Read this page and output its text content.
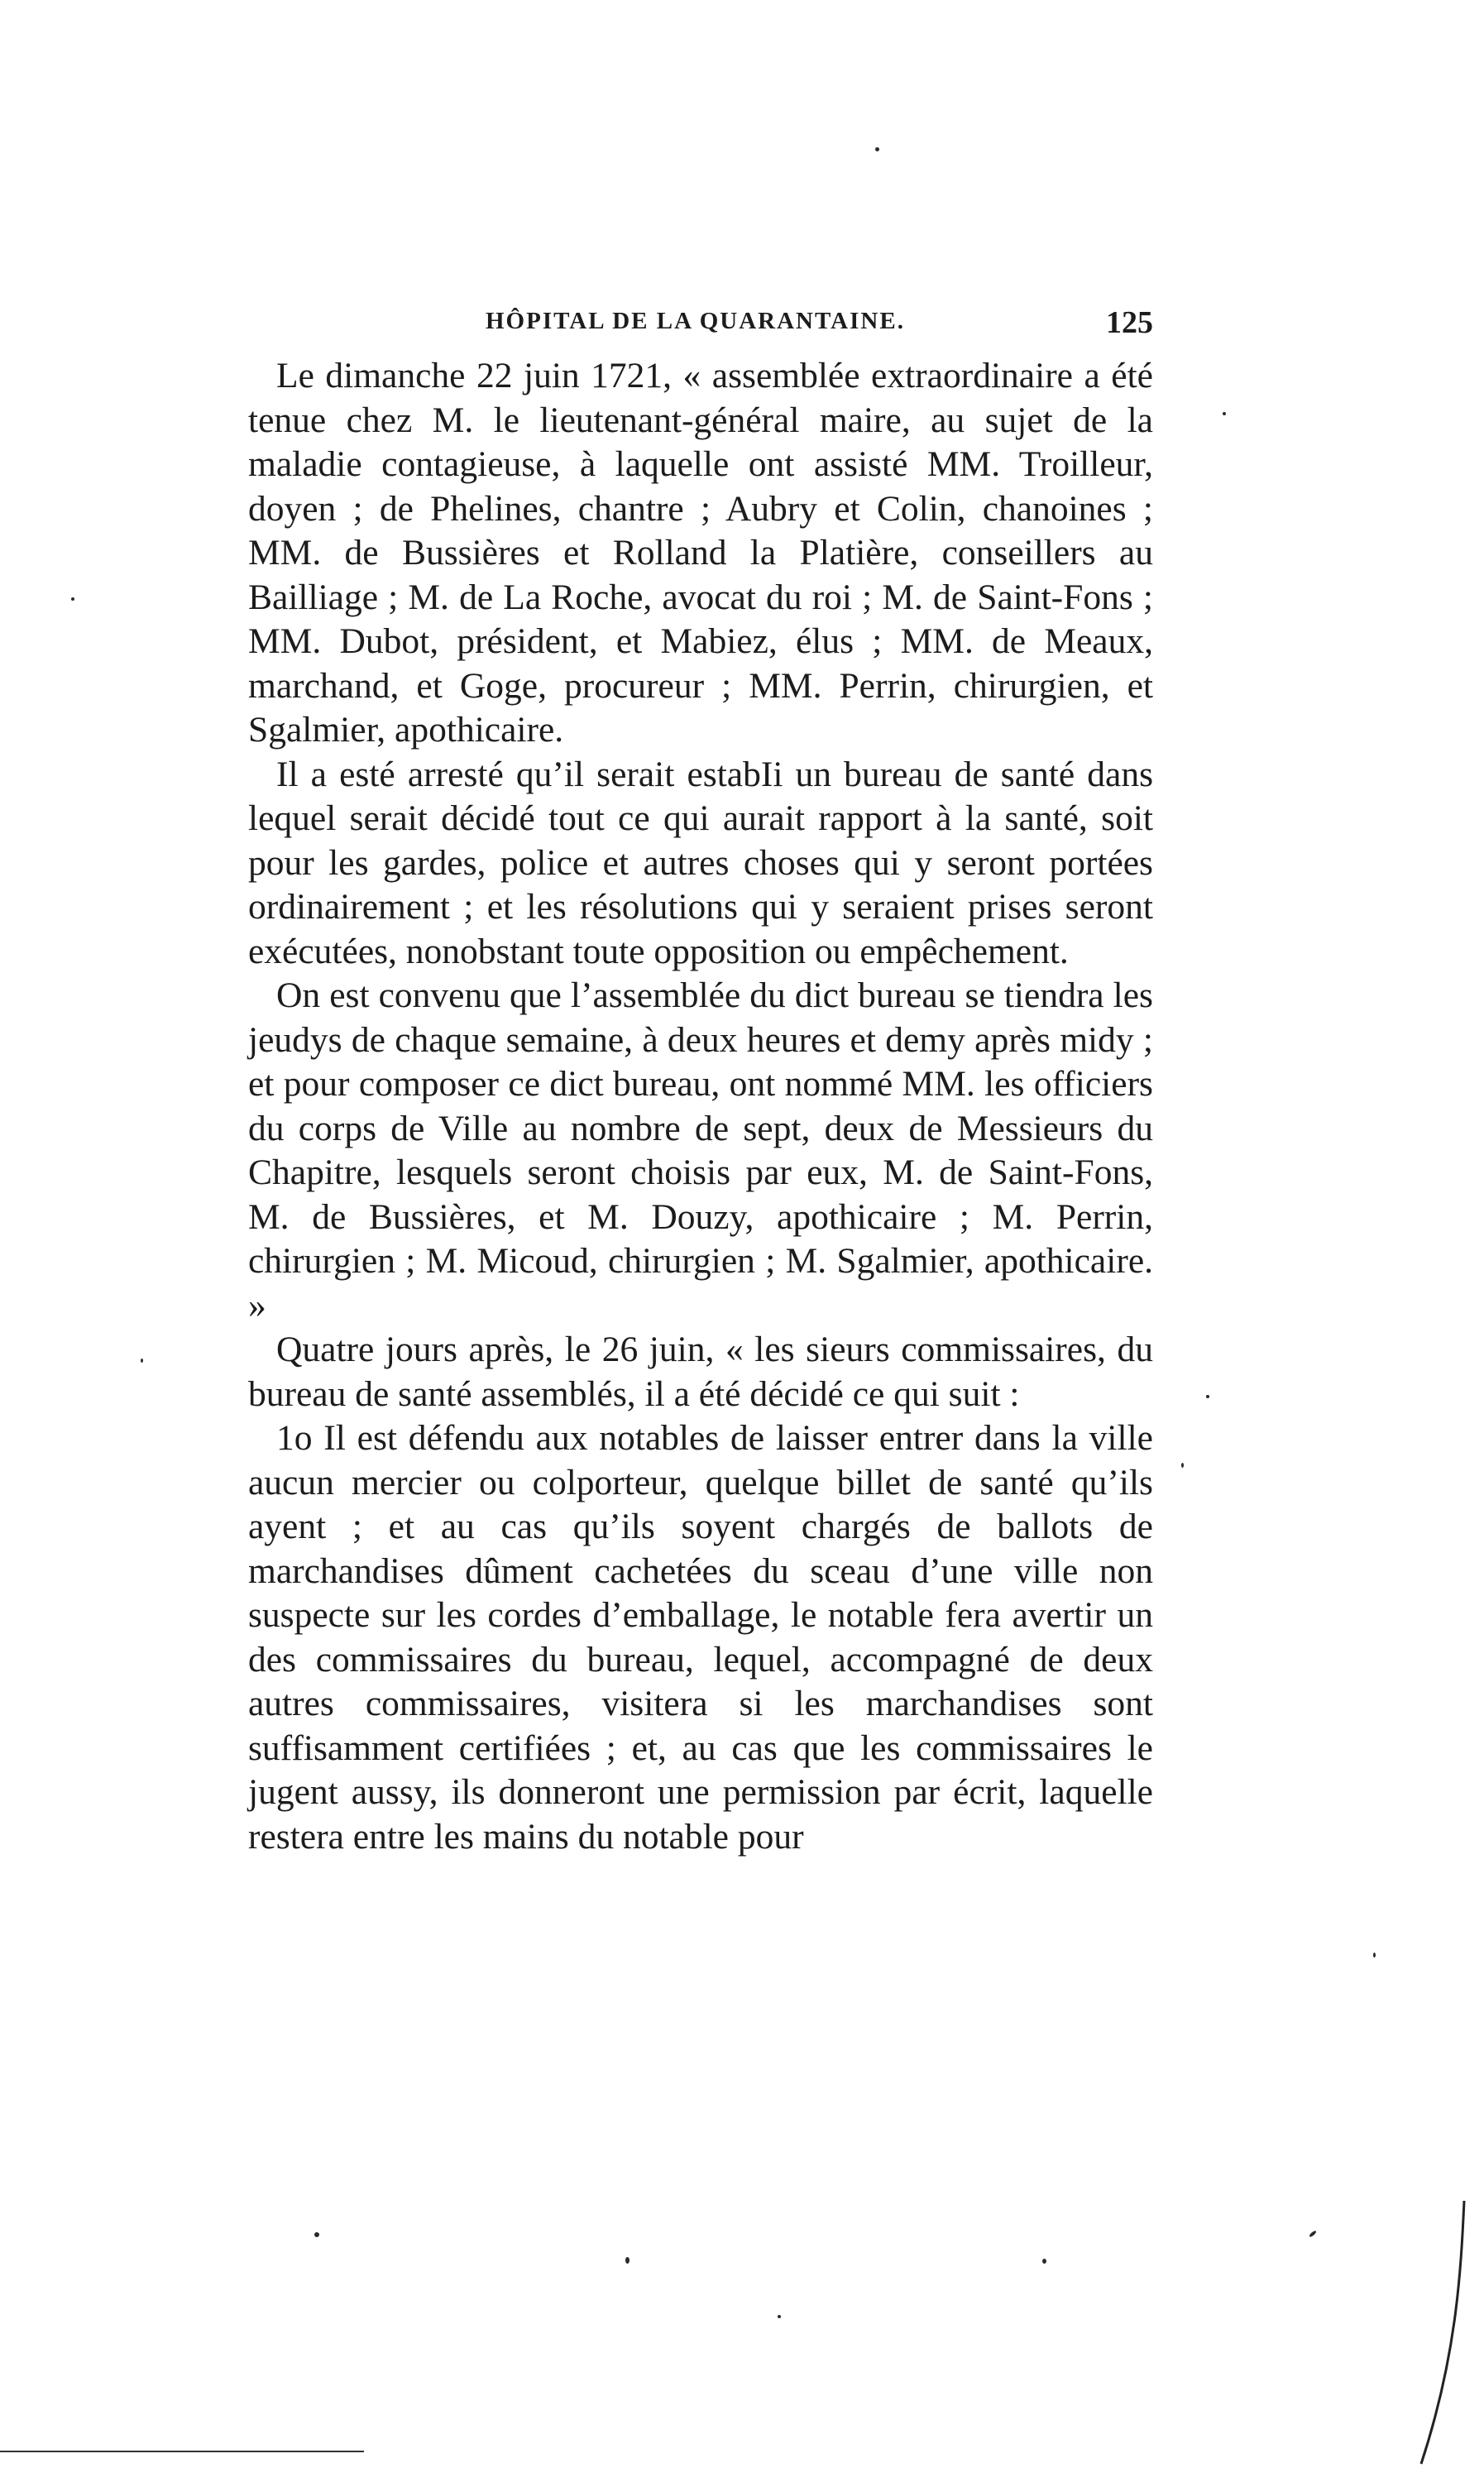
HÔPITAL DE LA QUARANTAINE.	125

Le dimanche 22 juin 1721, « assemblée extraordinaire a été tenue chez M. le lieutenant-général maire, au sujet de la maladie contagieuse, à laquelle ont assisté MM. Troilleur, doyen ; de Phelines, chantre ; Aubry et Colin, chanoines ; MM. de Bussières et Rolland la Platière, conseillers au Bailliage ; M. de La Roche, avocat du roi ; M. de Saint-Fons ; MM. Dubot, président, et Mabiez, élus ; MM. de Meaux, marchand, et Goge, procureur ; MM. Perrin, chirurgien, et Sgalmier, apothicaire.

Il a esté arresté qu’il serait estabIi un bureau de santé dans lequel serait décidé tout ce qui aurait rapport à la santé, soit pour les gardes, police et autres choses qui y seront portées ordinairement ; et les résolutions qui y seraient prises seront exécutées, nonobstant toute opposition ou empêchement.

On est convenu que l’assemblée du dict bureau se tiendra les jeudys de chaque semaine, à deux heures et demy après midy ; et pour composer ce dict bureau, ont nommé MM. les officiers du corps de Ville au nombre de sept, deux de Messieurs du Chapitre, lesquels seront choisis par eux, M. de Saint-Fons, M. de Bussières, et M. Douzy, apothicaire ; M. Perrin, chirurgien ; M. Micoud, chirurgien ; M. Sgalmier, apothicaire. »

Quatre jours après, le 26 juin, « les sieurs commissaires, du bureau de santé assemblés, il a été décidé ce qui suit :

1o Il est défendu aux notables de laisser entrer dans la ville aucun mercier ou colporteur, quelque billet de santé qu’ils ayent ; et au cas qu’ils soyent chargés de ballots de marchandises dûment cachetées du sceau d’une ville non suspecte sur les cordes d’emballage, le notable fera avertir un des commissaires du bureau, lequel, accompagné de deux autres commissaires, visitera si les marchandises sont suffisamment certifiées ; et, au cas que les commissaires le jugent aussy, ils donneront une permission par écrit, laquelle restera entre les mains du notable pour
